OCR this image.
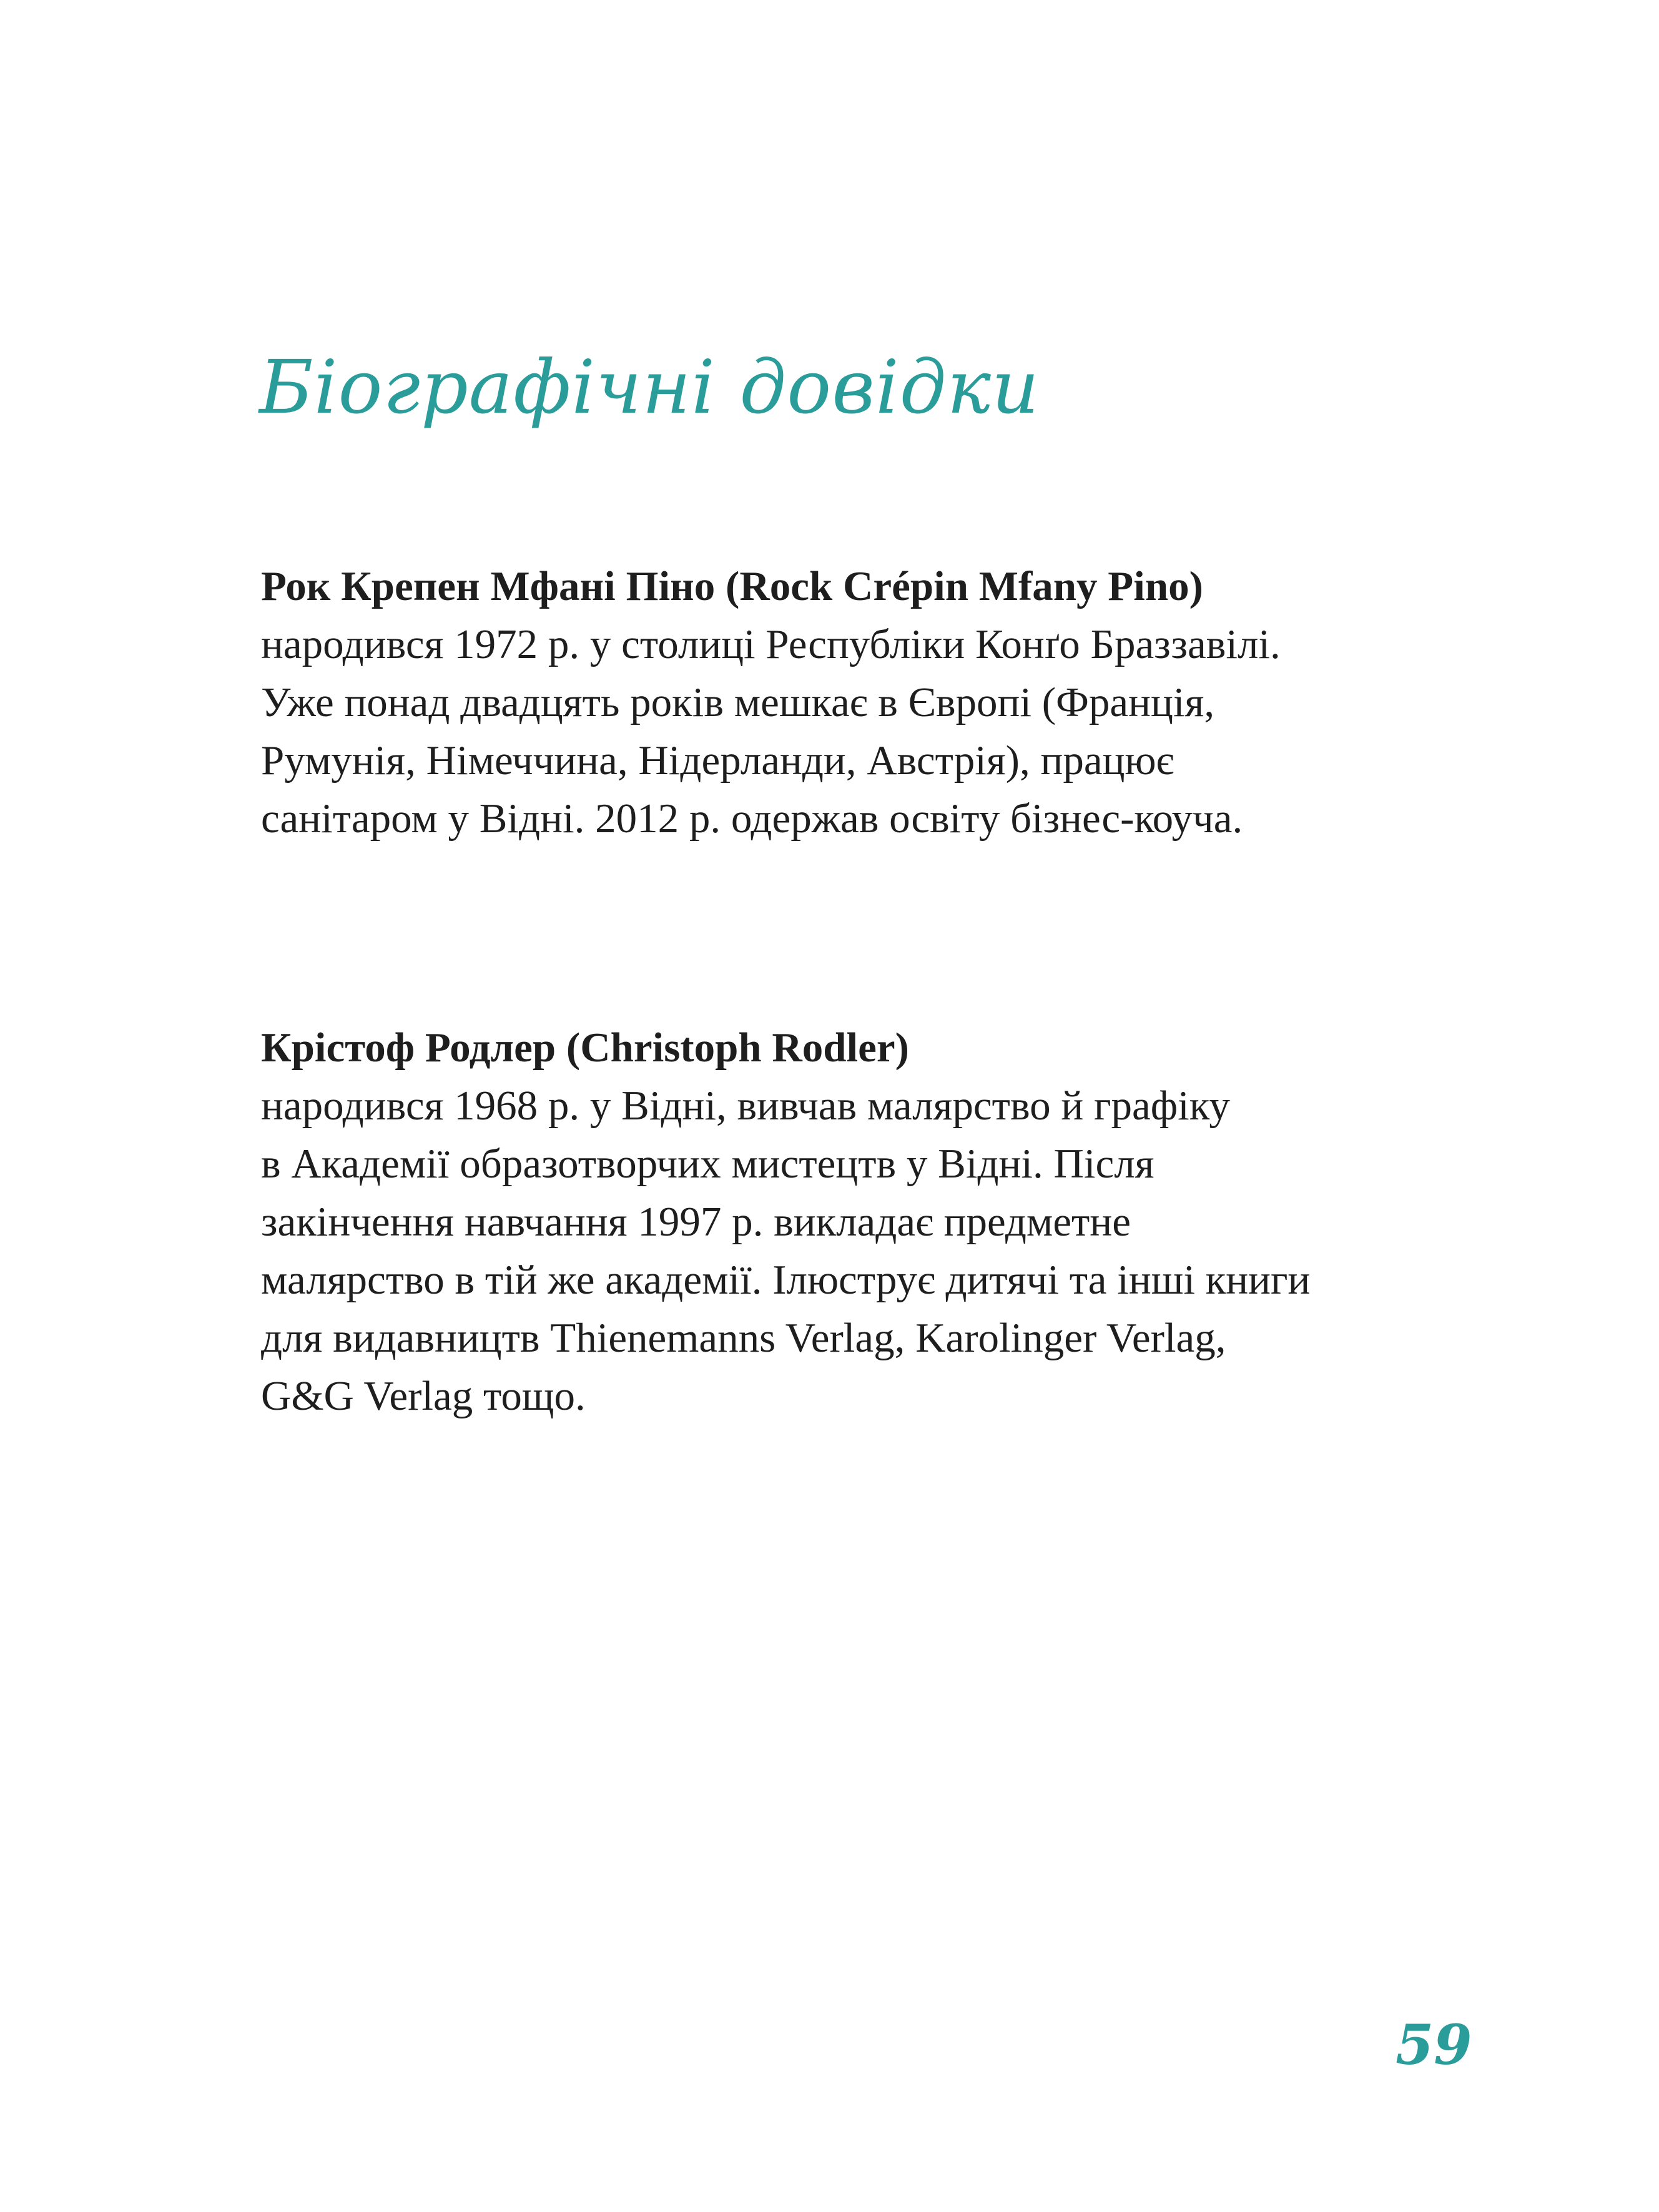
Біографічні довідки
Рок Крепен Мфані Піно (Rock Crépin Mfany Pino)
народився 1972 р. у столиці Республіки Конґо Браззавілі.
Уже понад двадцять років мешкає в Європі (Франція,
Румунія, Німеччина, Нідерланди, Австрія), працює
санітаром у Відні. 2012 р. одержав освіту бізнес-коуча.
Крістоф Родлер (Christoph Rodler)
народився 1968 р. у Відні, вивчав малярство й графіку
в Академії образотворчих мистецтв у Відні. Після
закінчення навчання 1997 р. викладає предметне
малярство в тій же академії. Ілюструє дитячі та інші книги
для видавництв Thienemanns Verlag, Karolinger Verlag,
G&G Verlag тощо.
59
